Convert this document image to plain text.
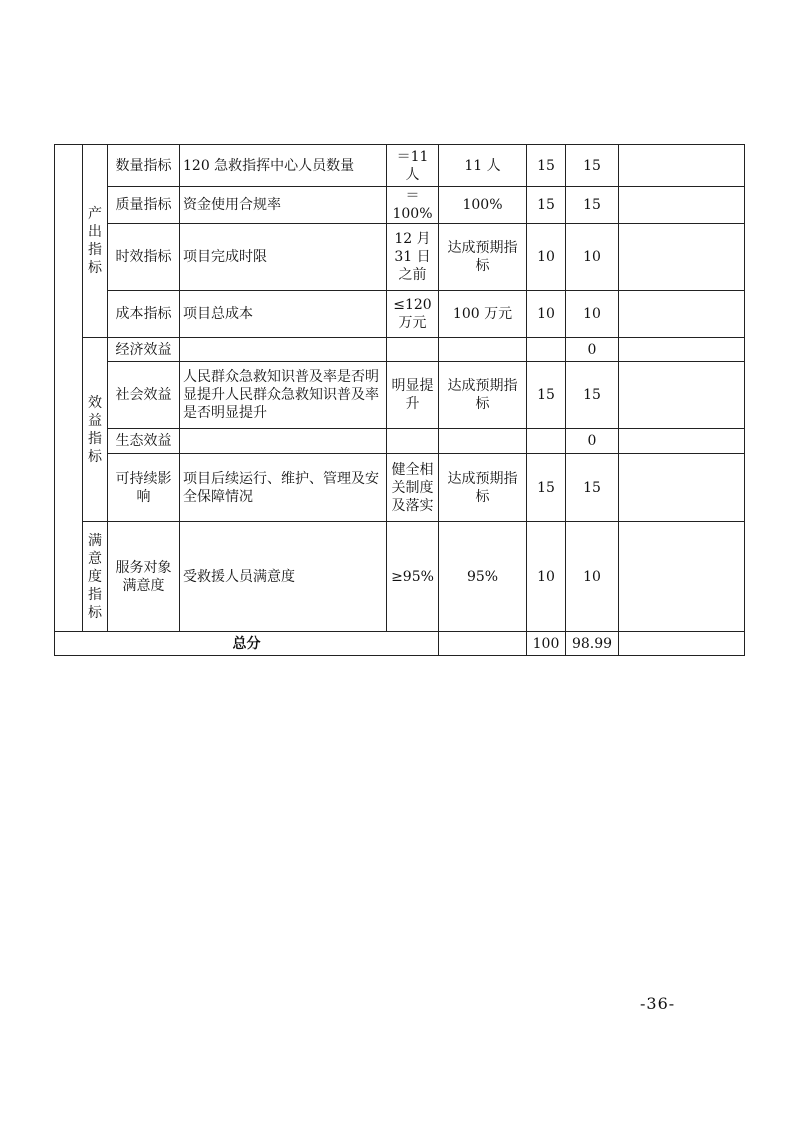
	产出指标	数量指标	120 急救指挥中心人员数量	＝11 人	11 人	15	15	
		质量指标	资金使用合规率	＝100%	100%	15	15	
		时效指标	项目完成时限	12 月 31 日之前	达成预期指标	10	10	
		成本指标	项目总成本	≤120 万元	100 万元	10	10	
	效益指标	经济效益					0	
		社会效益	人民群众急救知识普及率是否明显提升人民群众急救知识普及率是否明显提升	明显提升	达成预期指标	15	15	
		生态效益					0	
		可持续影响	项目后续运行、维护、管理及安全保障情况	健全相关制度及落实	达成预期指标	15	15	
	满意度指标	服务对象满意度	受救援人员满意度	≥95%	95%	10	10	
总分						100	98.99	
-36-
